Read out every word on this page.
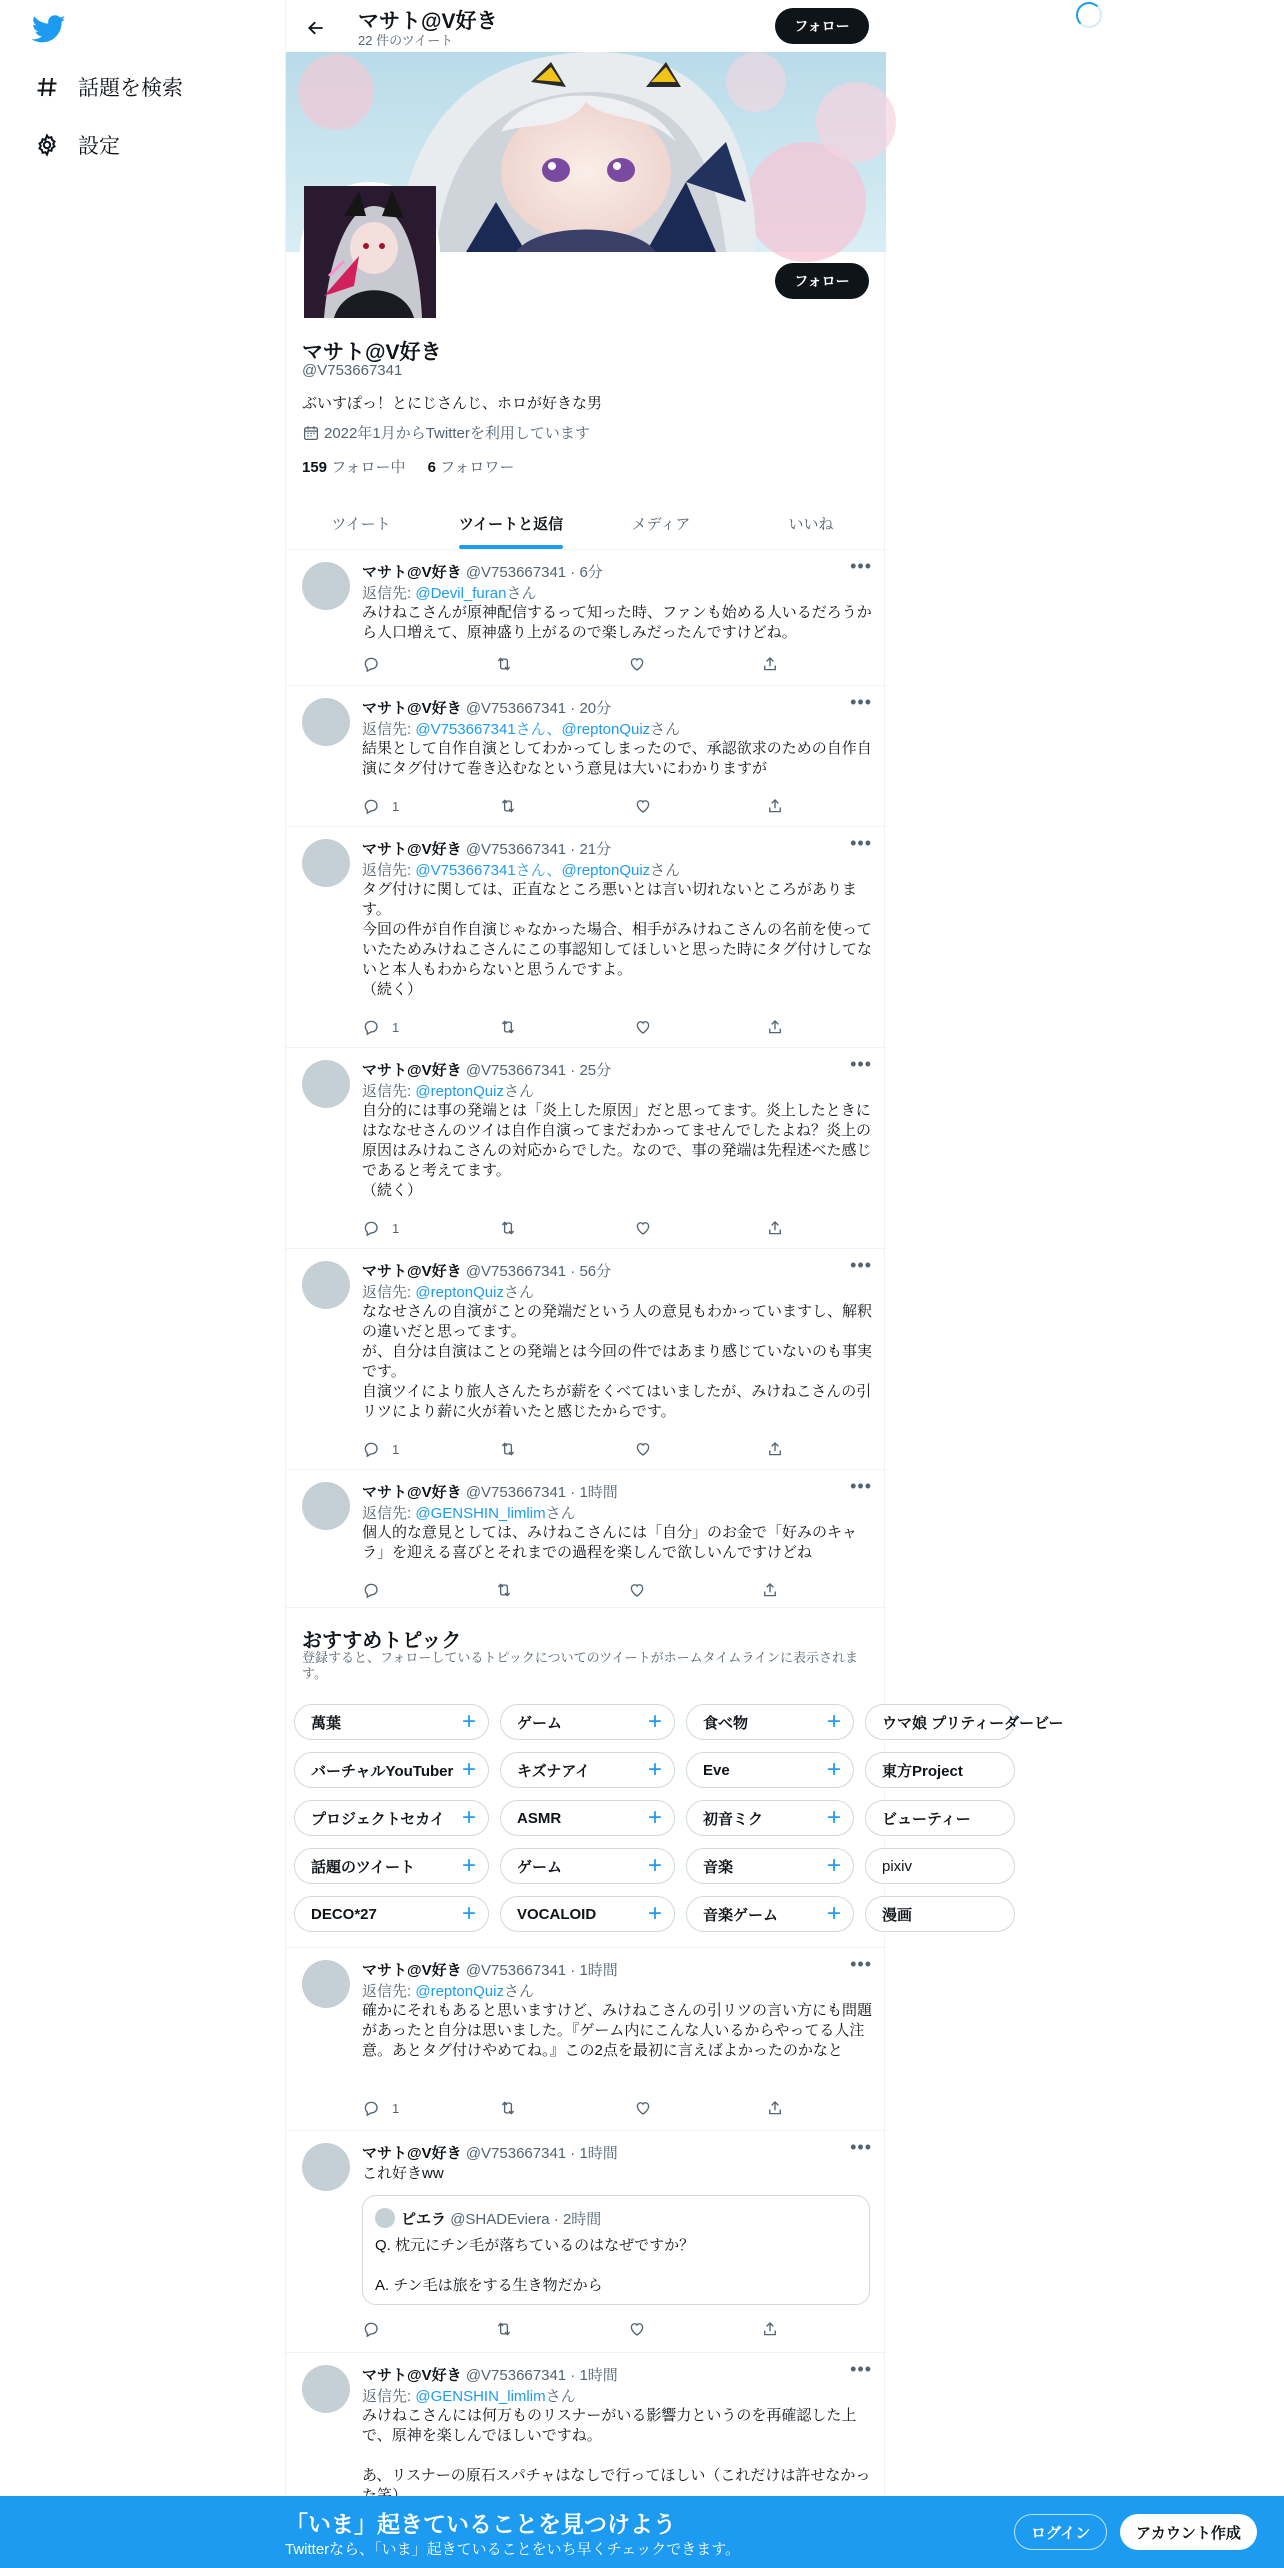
話題を検索
設定
マサト@V好き
22 件のツイート
フォロー
フォロー
マサト@V好き
@V753667341
ぶいすぽっ！とにじさんじ、ホロが好きな男
2022年1月からTwitterを利用しています
159 フォロー中 6 フォロワー
ツイート	ツイートと返信	メディア	いいね
マサト@V好き @V753667341 · 6分	•••
返信先: @Devil_furanさん
みけねこさんが原神配信するって知った時、ファンも始める人いるだろうから人口増えて、原神盛り上がるので楽しみだったんですけどね。
マサト@V好き @V753667341 · 20分	•••
返信先: @V753667341さん、@reptonQuizさん
結果として自作自演としてわかってしまったので、承認欲求のための自作自演にタグ付けて巻き込むなという意見は大いにわかりますが
1
マサト@V好き @V753667341 · 21分	•••
返信先: @V753667341さん、@reptonQuizさん
タグ付けに関しては、正直なところ悪いとは言い切れないところがあります。
今回の件が自作自演じゃなかった場合、相手がみけねこさんの名前を使っていたためみけねこさんにこの事認知してほしいと思った時にタグ付けしてないと本人もわからないと思うんですよ。
（続く）
1
マサト@V好き @V753667341 · 25分	•••
返信先: @reptonQuizさん
自分的には事の発端とは「炎上した原因」だと思ってます。炎上したときにはななせさんのツイは自作自演ってまだわかってませんでしたよね？炎上の原因はみけねこさんの対応からでした。なので、事の発端は先程述べた感じであると考えてます。
（続く）
1
マサト@V好き @V753667341 · 56分	•••
返信先: @reptonQuizさん
ななせさんの自演がことの発端だという人の意見もわかっていますし、解釈の違いだと思ってます。
が、自分は自演はことの発端とは今回の件ではあまり感じていないのも事実です。
自演ツイにより旅人さんたちが薪をくべてはいましたが、みけねこさんの引リツにより薪に火が着いたと感じたからです。
1
マサト@V好き @V753667341 · 1時間	•••
返信先: @GENSHIN_limlimさん
個人的な意見としては、みけねこさんには「自分」のお金で「好みのキャラ」を迎える喜びとそれまでの過程を楽しんで欲しいんですけどね
おすすめトピック
登録すると、フォローしているトピックについてのツイートがホームタイムラインに表示されます。
萬葉	+	ゲーム	+	食べ物	+	ウマ娘 プリティーダービー
バーチャルYouTuber +	キズナアイ +	Eve	+	東方Project
プロジェクトセカイ +	ASMR	+	初音ミク	+	ビューティー
話題のツイート +	ゲーム	+	音楽	+	pixiv
DECO*27	+	VOCALOID +	音楽ゲーム +	漫画
マサト@V好き @V753667341 · 1時間	•••
返信先: @reptonQuizさん
確かにそれもあると思いますけど、みけねこさんの引リツの言い方にも問題があったと自分は思いました。『ゲーム内にこんな人いるからやってる人注意。あとタグ付けやめてね。』この2点を最初に言えばよかったのかなと
1
マサト@V好き @V753667341 · 1時間	•••
これ好きww
ピエラ @SHADEviera · 2時間
Q. 枕元にチン毛が落ちているのはなぜですか？
A. チン毛は旅をする生き物だから
マサト@V好き @V753667341 · 1時間	•••
返信先: @GENSHIN_limlimさん
みけねこさんには何万ものリスナーがいる影響力というのを再確認した上で、原神を楽しんでほしいですね。

あ、リスナーの原石スパチャはなしで行ってほしい（これだけは許せなかっ
「いま」起きていることを見つけよう
Twitterなら、「いま」起きていることをいち早くチェックできます。
ログイン	アカウント作成
